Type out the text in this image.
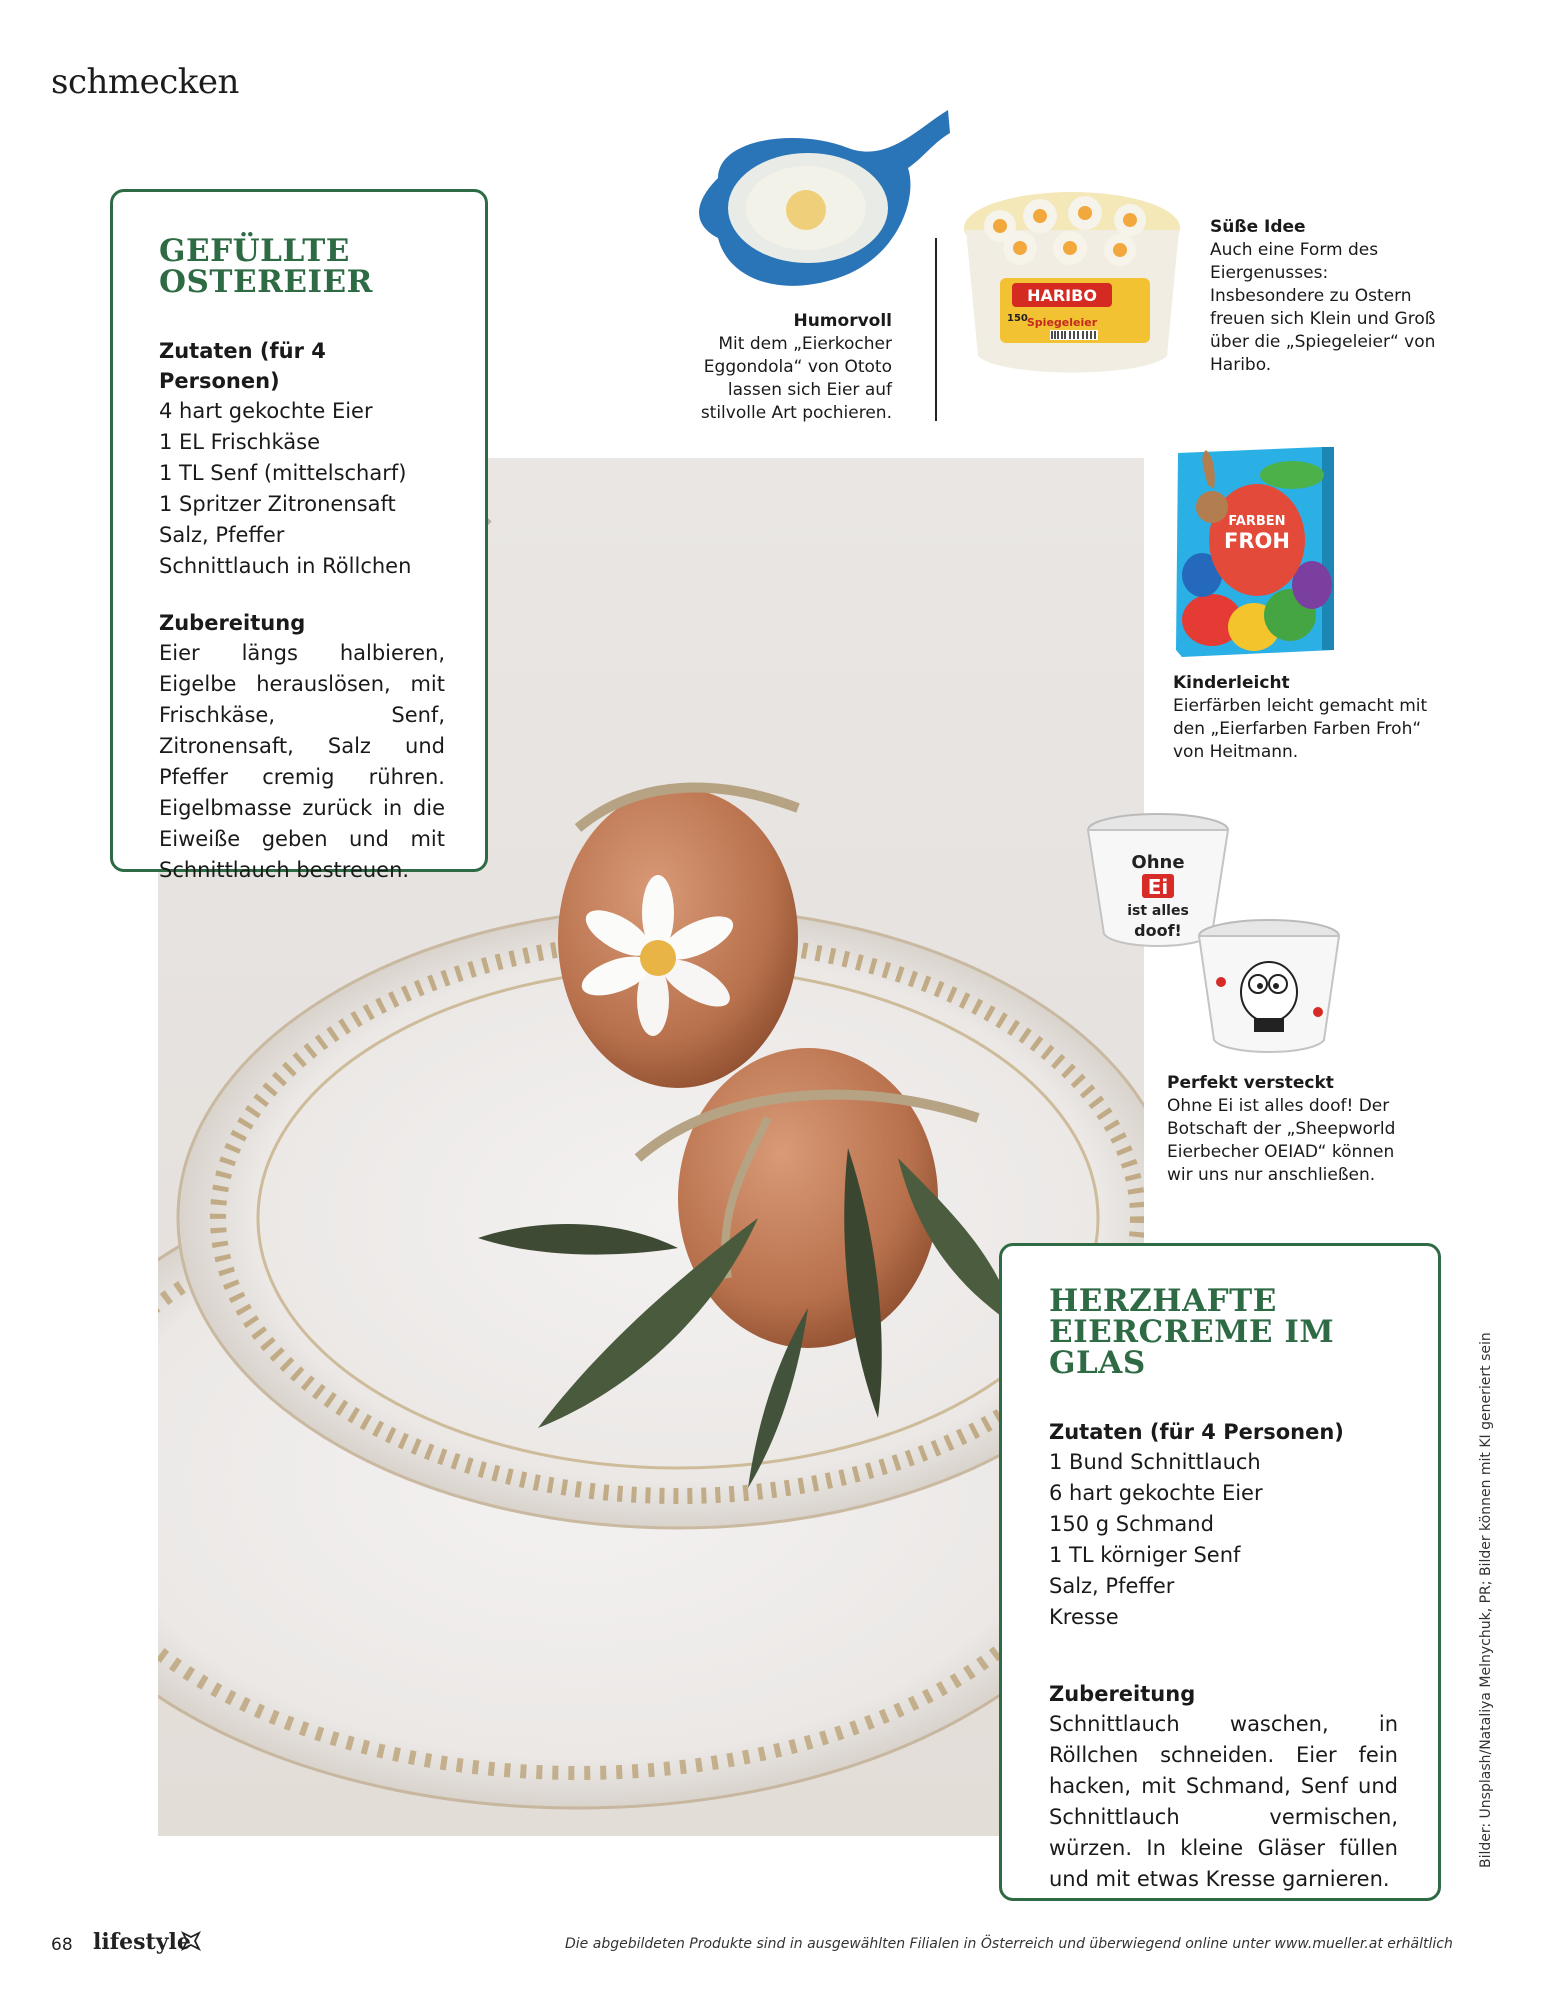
schmecken
Humorvoll
Mit dem „Eierkocher Eggondola“ von Ototo lassen sich Eier auf stilvolle Art pochieren.
HARIBO
Spiegeleier
150
Süße Idee
Auch eine Form des Eiergenusses: Insbesondere zu Ostern freuen sich Klein und Groß über die „Spiegeleier“ von Haribo.
FARBEN
FROH
Kinderleicht
Eierfärben leicht gemacht mit den „Eierfarben Farben Froh“ von Heitmann.
Ohne
Ei
ist alles
doof!
Perfekt versteckt
Ohne Ei ist alles doof! Der Botschaft der „Sheepworld Eierbecher OEIAD“ können wir uns nur anschließen.
GEFÜLLTE OSTEREIER
Zutaten (für 4 Personen)
4 hart gekochte Eier
1 EL Frischkäse
1 TL Senf (mittelscharf)
1 Spritzer Zitronensaft
Salz, Pfeffer
Schnittlauch in Röllchen
Zubereitung

Eier längs halbieren, Eigelbe herauslösen, mit Frischkäse, Senf, Zitronensaft, Salz und Pfeffer cremig rühren. Eigelbmasse zurück in die Eiweiße geben und mit Schnittlauch bestreuen.

HERZHAFTE EIERCREME IM GLAS
Zutaten (für 4 Personen)
1 Bund Schnittlauch
6 hart gekochte Eier
150 g Schmand
1 TL körniger Senf
Salz, Pfeffer
Kresse
Zubereitung

Schnittlauch waschen, in Röllchen schneiden. Eier fein hacken, mit Schmand, Senf und Schnittlauch vermischen, würzen. In kleine Gläser füllen und mit etwas Kresse garnieren.

Bilder: Unsplash/Nataliya Melnychuk, PR; Bilder können mit KI generiert sein
68 lifestyle	Die abgebildeten Produkte sind in ausgewählten Filialen in Österreich und überwiegend online unter www.mueller.at erhältlich
